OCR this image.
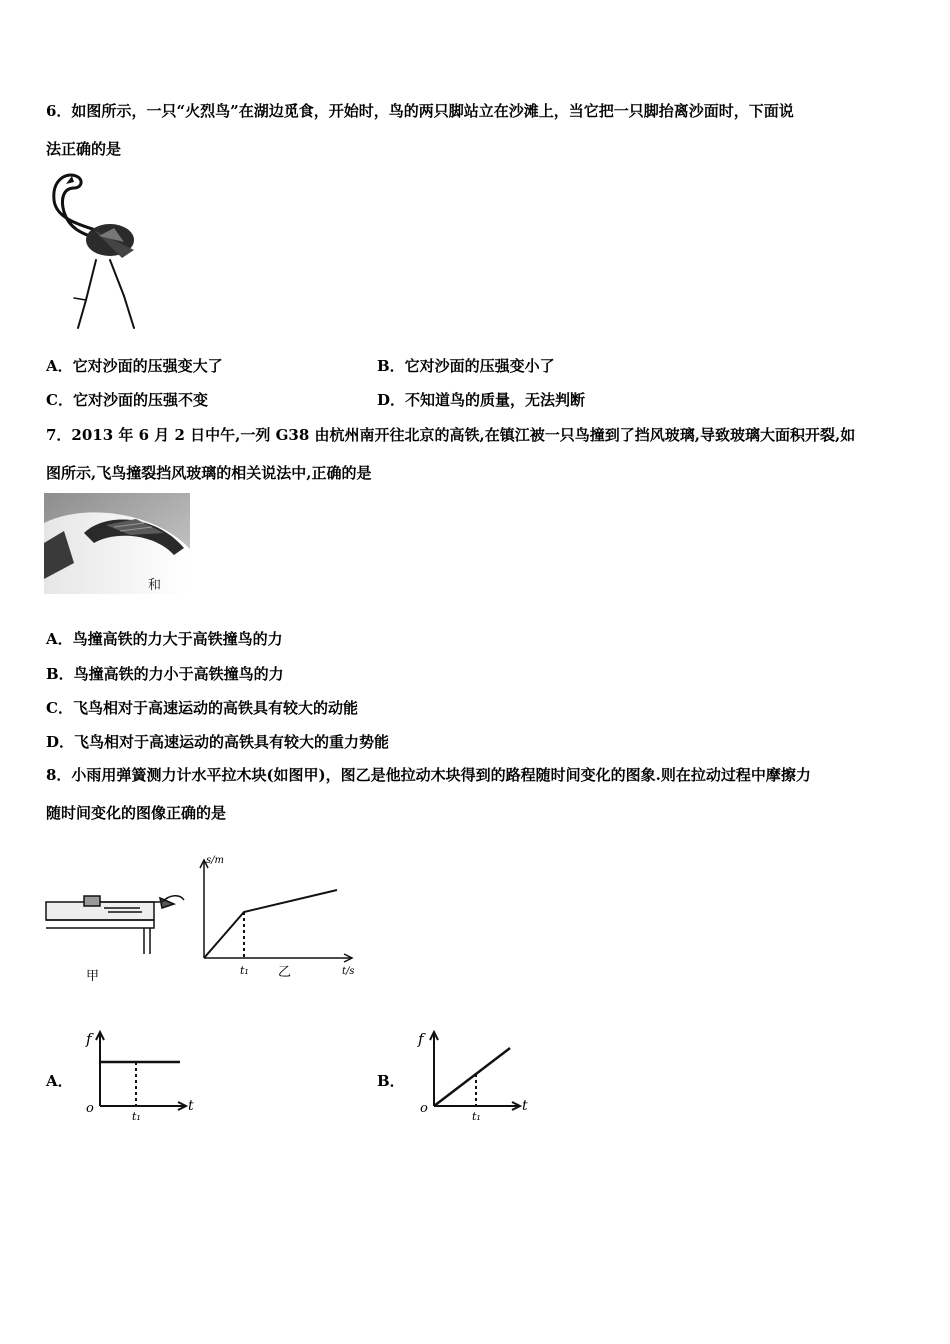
6．如图所示，一只“火烈鸟”在湖边觅食，开始时，鸟的两只脚站立在沙滩上，当它把一只脚抬离沙面时，下面说
法正确的是
A．它对沙面的压强变大了	B．它对沙面的压强变小了
C．它对沙面的压强不变	D．不知道鸟的质量，无法判断
7．2013 年 6 月 2 日中午,一列 G38 由杭州南开往北京的高铁,在镇江被一只鸟撞到了挡风玻璃,导致玻璃大面积开裂,如
图所示,飞鸟撞裂挡风玻璃的相关说法中,正确的是
和
A．鸟撞高铁的力大于高铁撞鸟的力
B．鸟撞高铁的力小于高铁撞鸟的力
C．飞鸟相对于高速运动的高铁具有较大的动能
D．飞鸟相对于高速运动的高铁具有较大的重力势能
8．小雨用弹簧测力计水平拉木块(如图甲)，图乙是他拉动木块得到的路程随时间变化的图象.则在拉动过程中摩擦力
随时间变化的图像正确的是
甲
s/m
t/s
t₁ 乙
A．
f
o	t
t₁
B．
f
o	t
t₁
